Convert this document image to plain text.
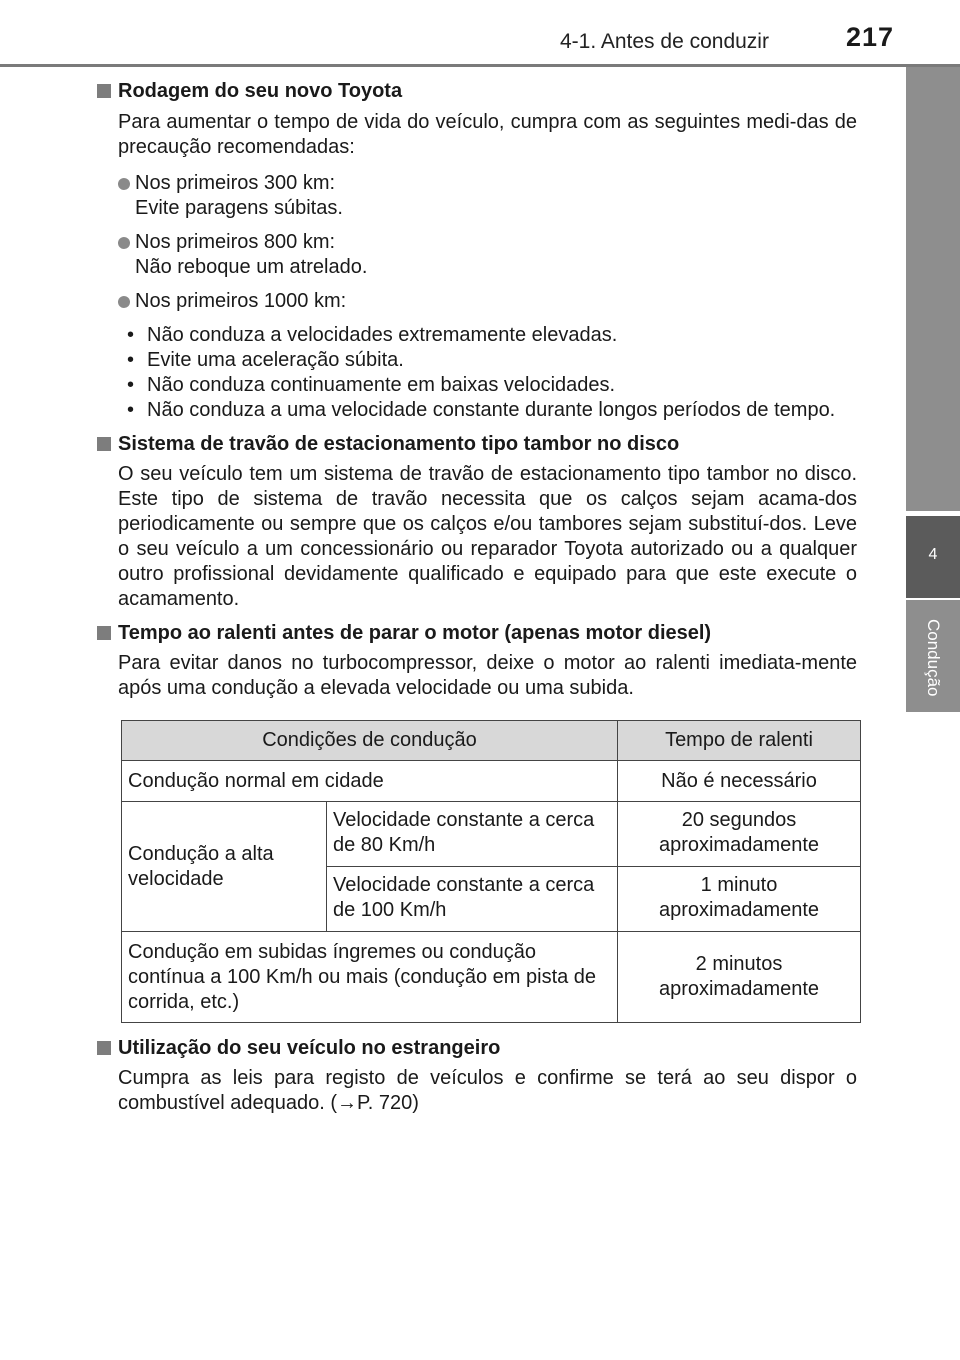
4-1. Antes de conduzir	217
4
Condução
Rodagem do seu novo Toyota

Para aumentar o tempo de vida do veículo, cumpra com as seguintes medi-das de precaução recomendadas:

Nos primeiros 300 km:
Evite paragens súbitas.
Nos primeiros 800 km:
Não reboque um atrelado.
Nos primeiros 1000 km:
• Não conduza a velocidades extremamente elevadas.
• Evite uma aceleração súbita.
• Não conduza continuamente em baixas velocidades.
• Não conduza a uma velocidade constante durante longos períodos de tempo.
Sistema de travão de estacionamento tipo tambor no disco

O seu veículo tem um sistema de travão de estacionamento tipo tambor no disco. Este tipo de sistema de travão necessita que os calços sejam acama-dos periodicamente ou sempre que os calços e/ou tambores sejam substituí-dos. Leve o seu veículo a um concessionário ou reparador Toyota autorizado ou a qualquer outro profissional devidamente qualificado e equipado para que este execute o acamamento.

Tempo ao ralenti antes de parar o motor (apenas motor diesel)

Para evitar danos no turbocompressor, deixe o motor ao ralenti imediata-mente após uma condução a elevada velocidade ou uma subida.

Condições de condução		Tempo de ralenti
Condução normal em cidade		Não é necessário
Condução a alta velocidade	Velocidade constante a cerca de 80 Km/h	20 segundos aproximadamente
	Velocidade constante a cerca de 100 Km/h	1 minuto aproximadamente
Condução em subidas íngremes ou condução contínua a 100 Km/h ou mais (condução em pista de corrida, etc.)		2 minutos aproximadamente
Utilização do seu veículo no estrangeiro

Cumpra as leis para registo de veículos e confirme se terá ao seu dispor o combustível adequado. (→P. 720)
